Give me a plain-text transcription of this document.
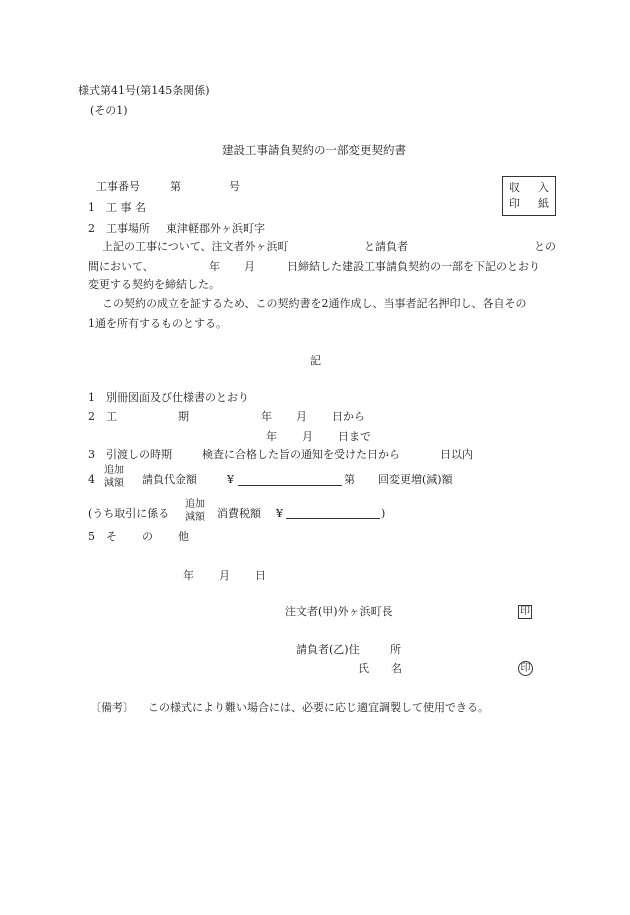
様式第41号(第145条関係)
(その1)
建設工事請負契約の一部変更契約書
収 入
印 紙
工事番号	第	号
1 工 事 名
2 工事場所 東津軽郡外ヶ浜町字
上記の工事について、注文者外ヶ浜町	と請負者	との
間において、	年 月	日締結した建設工事請負契約の一部を下記のとおり
変更する契約を締結した。
この契約の成立を証するため、この契約書を2通作成し、当事者記名押印し、各自その
1通を所有するものとする。
記
1 別冊図面及び仕様書のとおり
2 工	期	年 月 日から
年 月 日まで
3 引渡しの時期	検査に合格した旨の通知を受けた日から	日以内
4
追加
減額 請負代金額	¥	第 回変更増(減)額
(うち取引に係る
追加
減額 消費税額 ¥	)
5 そ の 他
年 月 日
注文者(甲)外ヶ浜町長	印
請負者(乙)住	所
氏 名	印
〔備考〕 この様式により難い場合には、必要に応じ適宜調製して使用できる。
